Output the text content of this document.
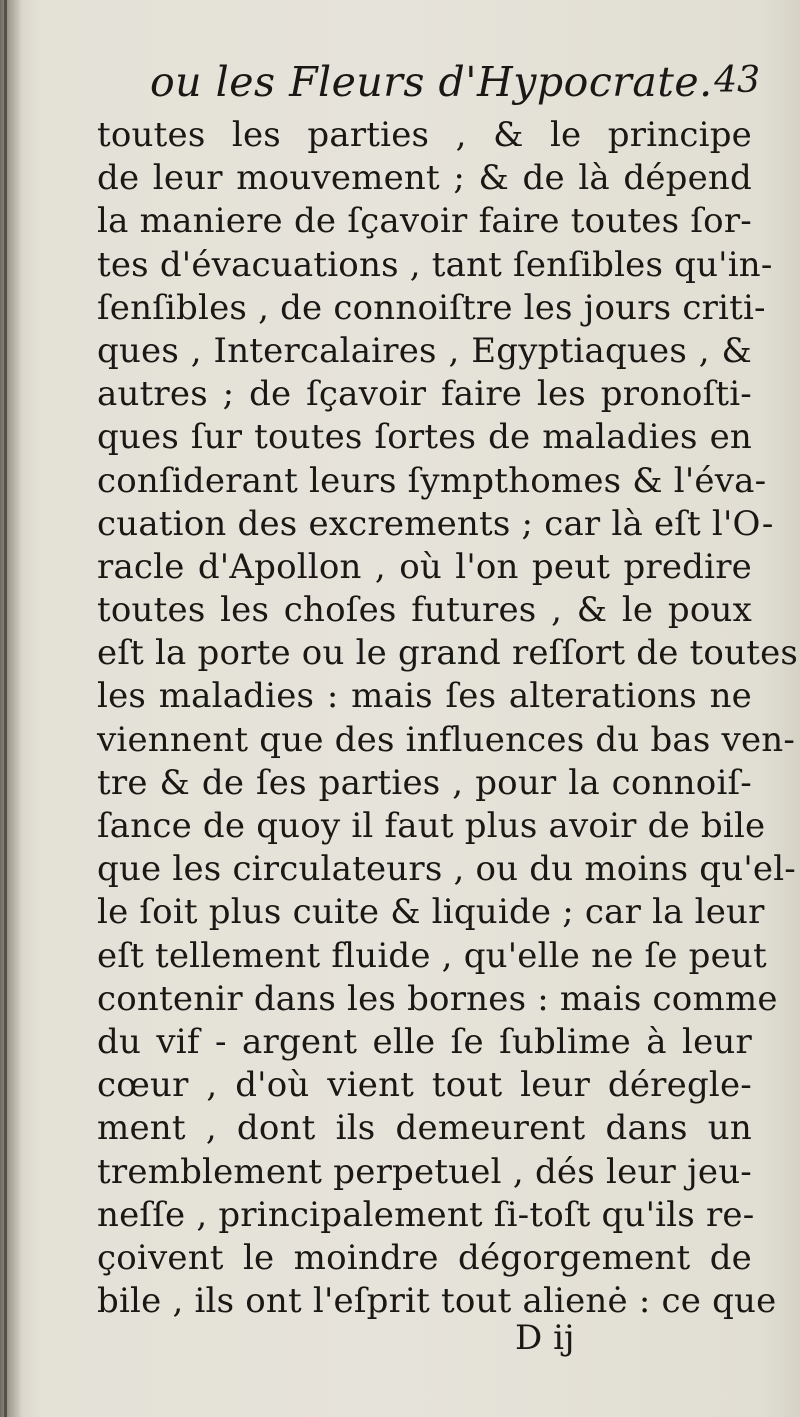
ou les Fleurs d'Hypocrate. 43
toutes les parties , & le principe
de leur mouvement ; & de là dépend
la maniere de ſçavoir faire toutes ſor-
tes d'évacuations , tant ſenſibles qu'in-
ſenſibles , de connoiſtre les jours criti-
ques , Intercalaires , Egyptiaques , &
autres ; de ſçavoir faire les pronoſti-
ques ſur toutes ſortes de maladies en
conſiderant leurs ſympthomes & l'éva-
cuation des excrements ; car là eſt l'O-
racle d'Apollon , où l'on peut predire
toutes les choſes futures , & le poux
eſt la porte ou le grand reſſort de toutes
les maladies : mais ſes alterations ne
viennent que des influences du bas ven-
tre & de ſes parties , pour la connoiſ-
ſance de quoy il faut plus avoir de bile
que les circulateurs , ou du moins qu'el-
le ſoit plus cuite & liquide ; car la leur
eſt tellement fluide , qu'elle ne ſe peut
contenir dans les bornes : mais comme
du vif - argent elle ſe ſublime à leur
cœur , d'où vient tout leur déregle-
ment , dont ils demeurent dans un
tremblement perpetuel , dés leur jeu-
neſſe , principalement ſi-toſt qu'ils re-
çoivent le moindre dégorgement de
bile , ils ont l'eſprit tout alienė : ce que
D ij
